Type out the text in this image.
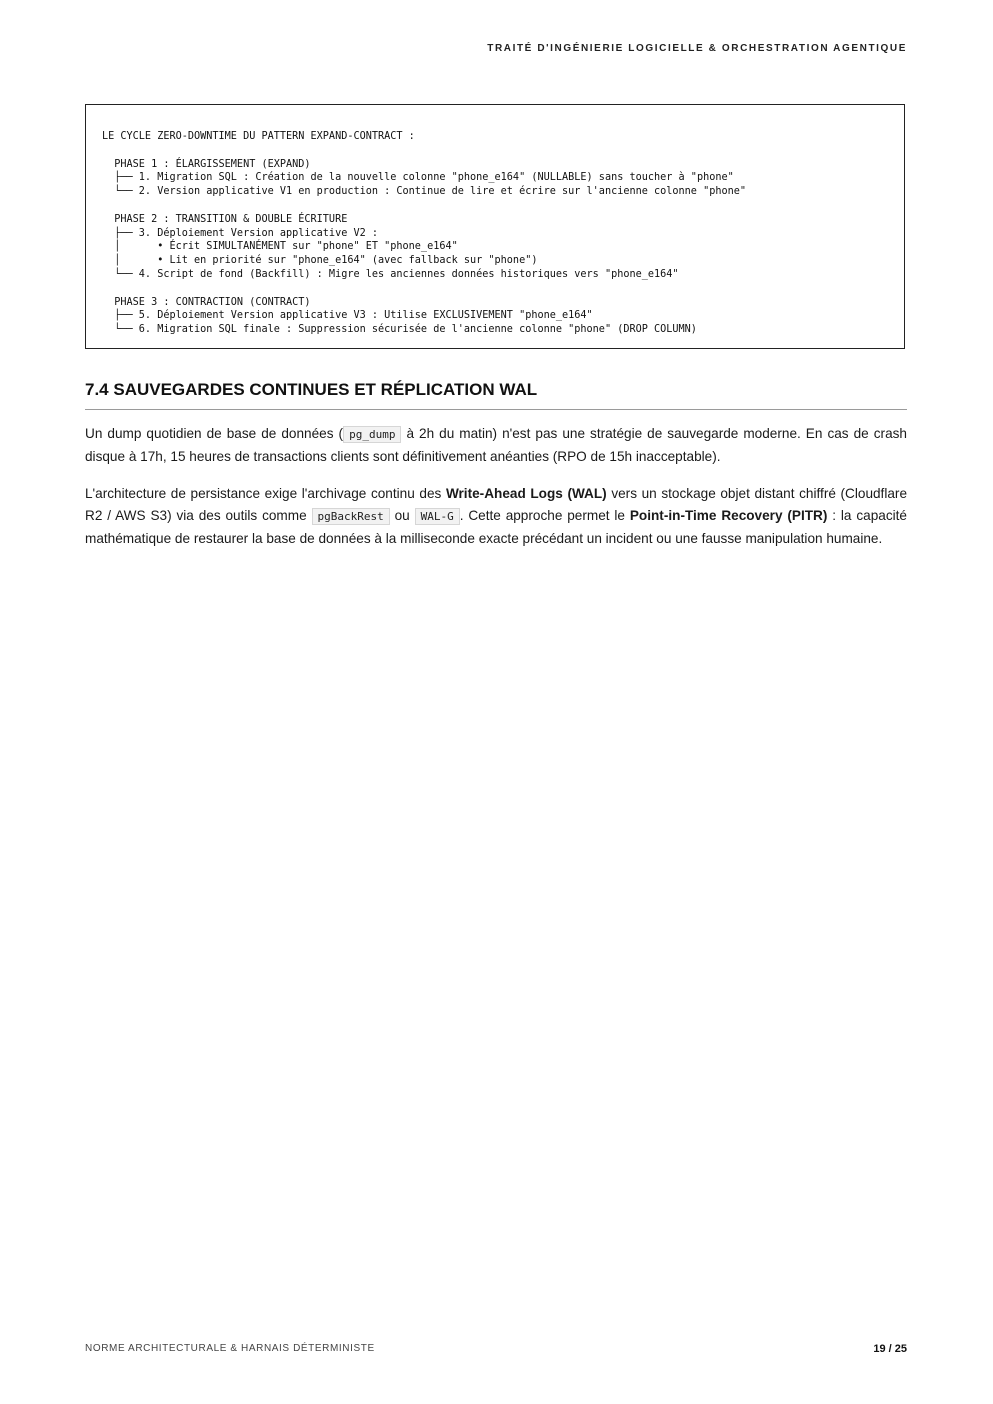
TRAITÉ D'INGÉNIERIE LOGICIELLE & ORCHESTRATION AGENTIQUE
LE CYCLE ZERO-DOWNTIME DU PATTERN EXPAND-CONTRACT :

PHASE 1 : ÉLARGISSEMENT (EXPAND)
├── 1. Migration SQL : Création de la nouvelle colonne "phone_e164" (NULLABLE) sans toucher à "phone"
└── 2. Version applicative V1 en production : Continue de lire et écrire sur l'ancienne colonne "phone"

PHASE 2 : TRANSITION & DOUBLE ÉCRITURE
├── 3. Déploiement Version applicative V2 :
│      • Écrit SIMULTANÉMENT sur "phone" ET "phone_e164"
│      • Lit en priorité sur "phone_e164" (avec fallback sur "phone")
└── 4. Script de fond (Backfill) : Migre les anciennes données historiques vers "phone_e164"

PHASE 3 : CONTRACTION (CONTRACT)
├── 5. Déploiement Version applicative V3 : Utilise EXCLUSIVEMENT "phone_e164"
└── 6. Migration SQL finale : Suppression sécurisée de l'ancienne colonne "phone" (DROP COLUMN)
7.4 SAUVEGARDES CONTINUES ET RÉPLICATION WAL

Un dump quotidien de base de données ( pg_dump à 2h du matin) n'est pas une stratégie de sauvegarde moderne. En cas de crash disque à 17h, 15 heures de transactions clients sont définitivement anéanties (RPO de 15h inacceptable).

L'architecture de persistance exige l'archivage continu des Write-Ahead Logs (WAL) vers un stockage objet distant chiffré (Cloudflare R2 / AWS S3) via des outils comme pgBackRest ou WAL-G . Cette approche permet le Point-in-Time Recovery (PITR) : la capacité mathématique de restaurer la base de données à la milliseconde exacte précédant un incident ou une fausse manipulation humaine.

NORME ARCHITECTURALE & HARNAIS DÉTERMINISTE	19 / 25
